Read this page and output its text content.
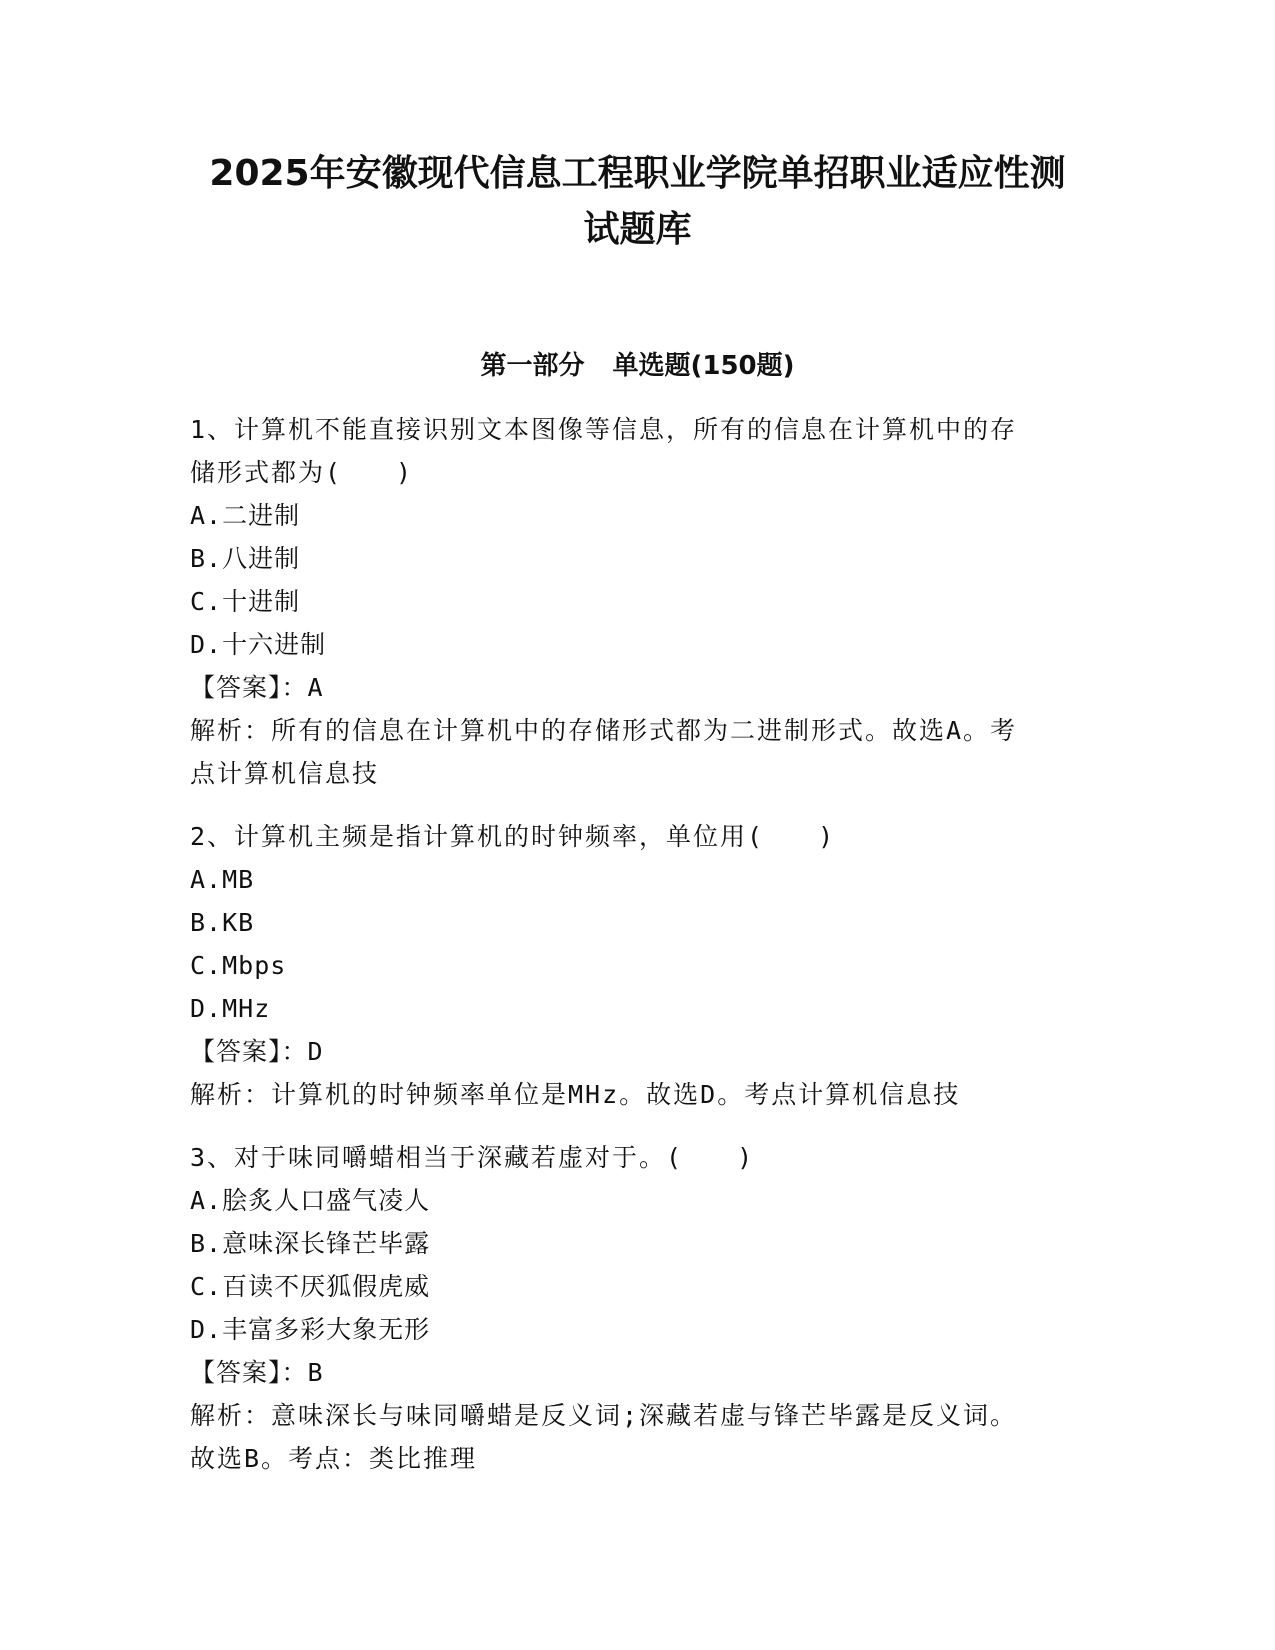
2025年安徽现代信息工程职业学院单招职业适应性测
试题库
第一部分 单选题(150题)

1、计算机不能直接识别文本图像等信息，所有的信息在计算机中的存

储形式都为(　　)

A.二进制

B.八进制

C.十进制

D.十六进制

【答案】：A

解析：所有的信息在计算机中的存储形式都为二进制形式。故选A。考

点计算机信息技

2、计算机主频是指计算机的时钟频率，单位用(　　)

A.MB

B.KB

C.Mbps

D.MHz

【答案】：D

解析：计算机的时钟频率单位是MHz。故选D。考点计算机信息技

3、对于味同嚼蜡相当于深藏若虚对于。(　　)

A.脍炙人口盛气凌人

B.意味深长锋芒毕露

C.百读不厌狐假虎威

D.丰富多彩大象无形

【答案】：B

解析：意味深长与味同嚼蜡是反义词;深藏若虚与锋芒毕露是反义词。

故选B。考点：类比推理
